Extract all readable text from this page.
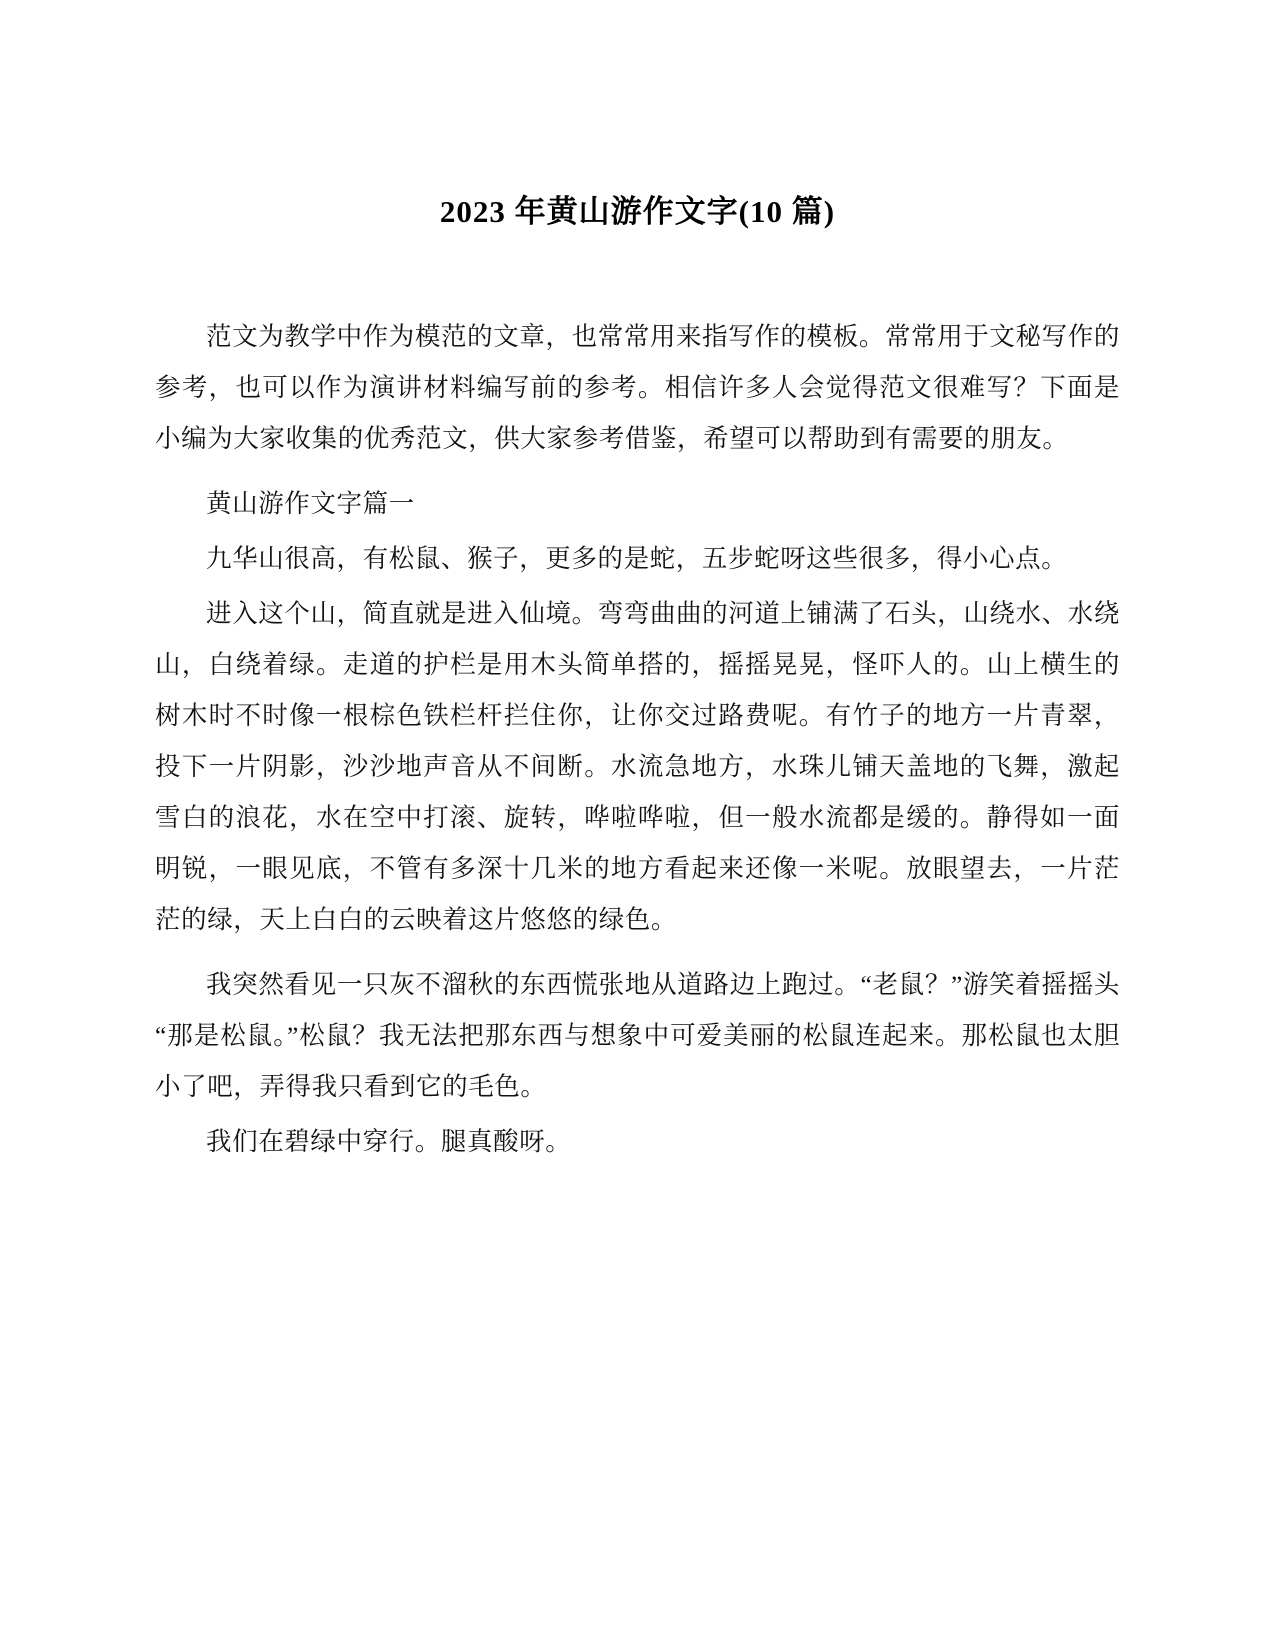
2023 年黄山游作文字(10 篇)

范文为教学中作为模范的文章，也常常用来指写作的模板。常常用于文秘写作的参考，也可以作为演讲材料编写前的参考。相信许多人会觉得范文很难写？下面是小编为大家收集的优秀范文，供大家参考借鉴，希望可以帮助到有需要的朋友。

黄山游作文字篇一

九华山很高，有松鼠、猴子，更多的是蛇，五步蛇呀这些很多，得小心点。

进入这个山，简直就是进入仙境。弯弯曲曲的河道上铺满了石头，山绕水、水绕山，白绕着绿。走道的护栏是用木头简单搭的，摇摇晃晃，怪吓人的。山上横生的树木时不时像一根棕色铁栏杆拦住你，让你交过路费呢。有竹子的地方一片青翠，投下一片阴影，沙沙地声音从不间断。水流急地方，水珠儿铺天盖地的飞舞，激起雪白的浪花，水在空中打滚、旋转，哗啦哗啦，但一般水流都是缓的。静得如一面明锐，一眼见底，不管有多深十几米的地方看起来还像一米呢。放眼望去，一片茫茫的绿，天上白白的云映着这片悠悠的绿色。

我突然看见一只灰不溜秋的东西慌张地从道路边上跑过。“老鼠？”游笑着摇摇头“那是松鼠。”松鼠？我无法把那东西与想象中可爱美丽的松鼠连起来。那松鼠也太胆小了吧，弄得我只看到它的毛色。

我们在碧绿中穿行。腿真酸呀。
